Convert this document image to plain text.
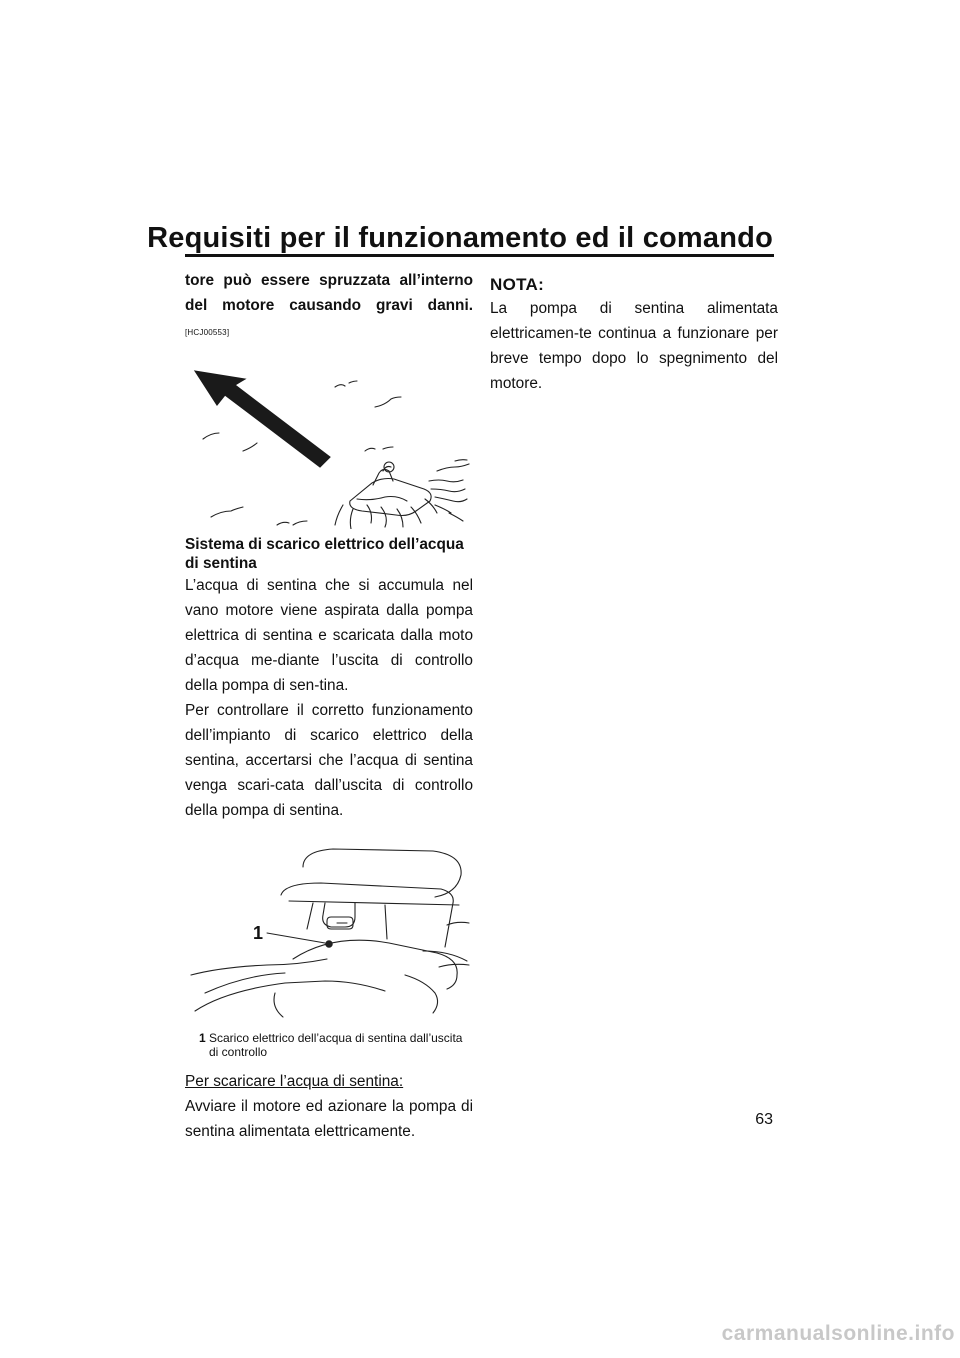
Requisiti per il funzionamento ed il comando

tore può essere spruzzata all’interno del motore causando gravi danni. [HCJ00553]

Sistema di scarico elettrico dell’acqua di sentina

L’acqua di sentina che si accumula nel vano motore viene aspirata dalla pompa elettrica di sentina e scaricata dalla moto d’acqua me-diante l’uscita di controllo della pompa di sen-tina.

Per controllare il corretto funzionamento dell’impianto di scarico elettrico della sentina, accertarsi che l’acqua di sentina venga scari-cata dall’uscita di controllo della pompa di sentina.

1
1 Scarico elettrico dell’acqua di sentina dall’uscita di controllo

Per scaricare l’acqua di sentina:

Avviare il motore ed azionare la pompa di sentina alimentata elettricamente.

NOTA:

La pompa di sentina alimentata elettricamen-te continua a funzionare per breve tempo dopo lo spegnimento del motore.

63
carmanualsonline.info
